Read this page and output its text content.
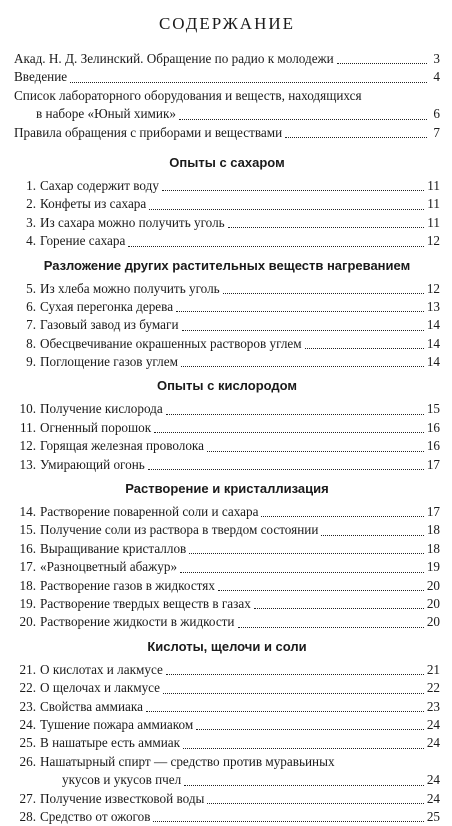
СОДЕРЖАНИЕ
Акад. Н. Д. Зелинский. Обращение по радио к молодежи	3
Введение	4
Список лабораторного оборудования и веществ, находящихся
в наборе «Юный химик»	6
Правила обращения с приборами и веществами	7
Опыты с сахаром
1. Сахар содержит воду	11
2. Конфеты из сахара	11
3. Из сахара можно получить уголь	11
4. Горение сахара	12
Разложение других растительных веществ нагреванием
5. Из хлеба можно получить уголь	12
6. Сухая перегонка дерева	13
7. Газовый завод из бумаги	14
8. Обесцвечивание окрашенных растворов углем	14
9. Поглощение газов углем	14
Опыты с кислородом
10. Получение кислорода	15
11. Огненный порошок	16
12. Горящая железная проволока	16
13. Умирающий огонь	17
Растворение и кристаллизация
14. Растворение поваренной соли и сахара	17
15. Получение соли из раствора в твердом состоянии	18
16. Выращивание кристаллов	18
17. «Разноцветный абажур»	19
18. Растворение газов в жидкостях	20
19. Растворение твердых веществ в газах	20
20. Растворение жидкости в жидкости	20
Кислоты, щелочи и соли
21. О кислотах и лакмусе	21
22. О щелочах и лакмусе	22
23. Свойства аммиака	23
24. Тушение пожара аммиаком	24
25. В нашатыре есть аммиак	24
26. Нашатырный спирт — средство против муравьиных
укусов и укусов пчел	24
27. Получение известковой воды	24
28. Средство от ожогов	25
